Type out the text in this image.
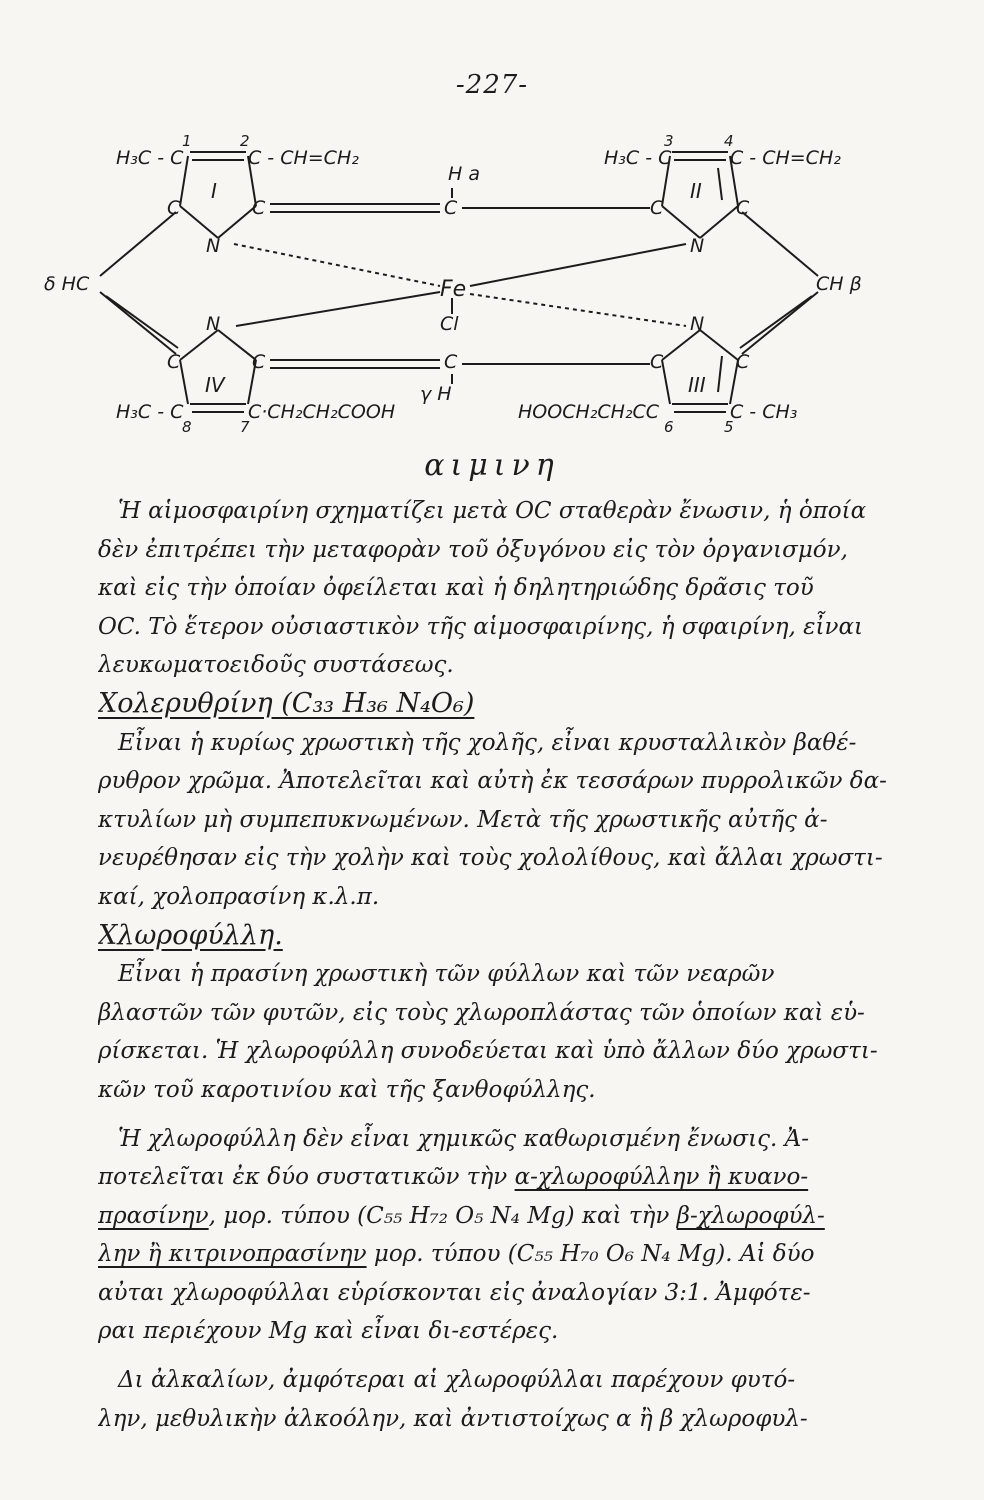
-227-
H₃C - C	C - CH=CH₂	H₃C - C	C - CH=CH₂
H₃C - C	C·CH₂CH₂COOH	HOOCH₂CH₂CC	C - CH₃
H a
CH β
γ H
δ HC	Fe
Cl
N	N
N	N
C	C	C	C	C
C	C	C	C	C
I	II
III
IV
1	2	3	4
5
6
7
8
αιμινη
Ἡ αἱμοσφαιρίνη σχηματίζει μετὰ ΟC σταθερὰν ἔνωσιν, ἡ ὁποία
δὲν ἐπιτρέπει τὴν μεταφορὰν τοῦ ὀξυγόνου εἰς τὸν ὀργανισμόν,
καὶ εἰς τὴν ὁποίαν ὀφείλεται καὶ ἡ δηλητηριώδης δρᾶσις τοῦ
ΟC. Τὸ ἕτερον οὐσιαστικὸν τῆς αἱμοσφαιρίνης, ἡ σφαιρίνη, εἶναι
λευκωματοειδοῦς συστάσεως.
Χολερυθρίνη (C₃₃ H₃₆ N₄O₆)
Εἶναι ἡ κυρίως χρωστικὴ τῆς χολῆς, εἶναι κρυσταλλικὸν βαθέ-
ρυθρον χρῶμα. Ἀποτελεῖται καὶ αὐτὴ ἐκ τεσσάρων πυρρολικῶν δα-
κτυλίων μὴ συμπεπυκνωμένων. Μετὰ τῆς χρωστικῆς αὐτῆς ἀ-
νευρέθησαν εἰς τὴν χολὴν καὶ τοὺς χολολίθους, καὶ ἄλλαι χρωστι-
καί, χολοπρασίνη κ.λ.π.
Χλωροφύλλη.
Εἶναι ἡ πρασίνη χρωστικὴ τῶν φύλλων καὶ τῶν νεαρῶν
βλαστῶν τῶν φυτῶν, εἰς τοὺς χλωροπλάστας τῶν ὁποίων καὶ εὑ-
ρίσκεται. Ἡ χλωροφύλλη συνοδεύεται καὶ ὑπὸ ἄλλων δύο χρωστι-
κῶν τοῦ καροτινίου καὶ τῆς ξανθοφύλλης.
Ἡ χλωροφύλλη δὲν εἶναι χημικῶς καθωρισμένη ἔνωσις. Ἀ-
ποτελεῖται ἐκ δύο συστατικῶν τὴν α-χλωροφύλλην ἢ κυανο-
πρασίνην, μορ. τύπου (C₅₅ H₇₂ O₅ N₄ Mg) καὶ τὴν β-χλωροφύλ-
λην ἢ κιτρινοπρασίνην μορ. τύπου (C₅₅ H₇₀ O₆ N₄ Mg). Αἱ δύο
αὐται χλωροφύλλαι εὑρίσκονται εἰς ἀναλογίαν 3:1. Ἀμφότε-
ραι περιέχουν Mg καὶ εἶναι δι-εστέρες.
Δι ἀλκαλίων, ἀμφότεραι αἱ χλωροφύλλαι παρέχουν φυτό-
λην, μεθυλικὴν ἀλκοόλην, καὶ ἀντιστοίχως α ἢ β χλωροφυλ-
